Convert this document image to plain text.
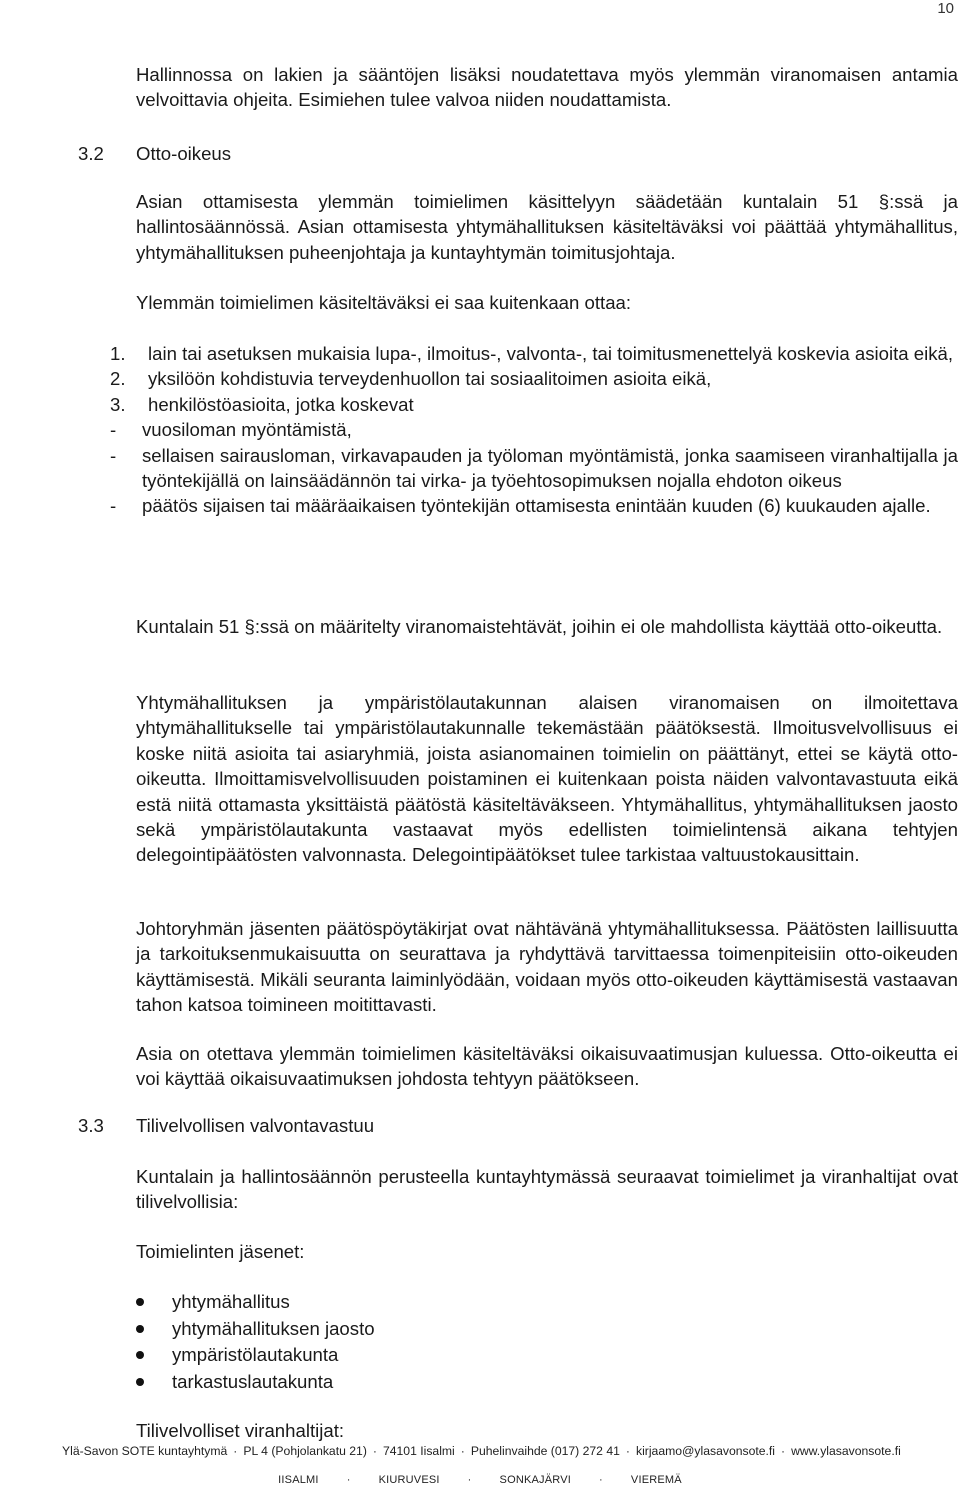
10

Hallinnossa on lakien ja sääntöjen lisäksi noudatettava myös ylemmän viranomaisen antamia velvoittavia ohjeita. Esimiehen tulee valvoa niiden noudattamista.

3.2 Otto-oikeus

Asian ottamisesta ylemmän toimielimen käsittelyyn säädetään kuntalain 51 §:ssä ja hallintosäännössä. Asian ottamisesta yhtymähallituksen käsiteltäväksi voi päättää yhtymähallitus, yhtymähallituksen puheenjohtaja ja kuntayhtymän toimitusjohtaja.

Ylemmän toimielimen käsiteltäväksi ei saa kuitenkaan ottaa:

1. lain tai asetuksen mukaisia lupa-, ilmoitus-, valvonta-, tai toimitusmenettelyä koskevia asioita eikä,
2. yksilöön kohdistuvia terveydenhuollon tai sosiaalitoimen asioita eikä,
3. henkilöstöasioita, jotka koskevat
- vuosiloman myöntämistä,
- sellaisen sairausloman, virkavapauden ja työloman myöntämistä, jonka saamiseen viranhaltijalla ja työntekijällä on lainsäädännön tai virka- ja työehtosopimuksen nojalla ehdoton oikeus
- päätös sijaisen tai määräaikaisen työntekijän ottamisesta enintään kuuden (6) kuukauden ajalle.

Kuntalain 51 §:ssä on määritelty viranomaistehtävät, joihin ei ole mahdollista käyttää otto-oikeutta.

Yhtymähallituksen ja ympäristölautakunnan alaisen viranomaisen on ilmoitettava yhtymähallitukselle tai ympäristölautakunnalle tekemästään päätöksestä. Ilmoitusvelvollisuus ei koske niitä asioita tai asiaryhmiä, joista asianomainen toimielin on päättänyt, ettei se käytä otto-oikeutta. Ilmoittamisvelvollisuuden poistaminen ei kuitenkaan poista näiden valvontavastuuta eikä estä niitä ottamasta yksittäistä päätöstä käsiteltäväkseen. Yhtymähallitus, yhtymähallituksen jaosto sekä ympäristölautakunta vastaavat myös edellisten toimielintensä aikana tehtyjen delegointipäätösten valvonnasta. Delegointipäätökset tulee tarkistaa valtuustokausittain.

Johtoryhmän jäsenten päätöspöytäkirjat ovat nähtävänä yhtymähallituksessa. Päätösten laillisuutta ja tarkoituksenmukaisuutta on seurattava ja ryhdyttävä tarvittaessa toimenpiteisiin otto-oikeuden käyttämisestä. Mikäli seuranta laiminlyödään, voidaan myös otto-oikeuden käyttämisestä vastaavan tahon katsoa toimineen moitittavasti.

Asia on otettava ylemmän toimielimen käsiteltäväksi oikaisuvaatimusjan kuluessa. Otto-oikeutta ei voi käyttää oikaisuvaatimuksen johdosta tehtyyn päätökseen.

3.3 Tilivelvollisen valvontavastuu

Kuntalain ja hallintosäännön perusteella kuntayhtymässä seuraavat toimielimet ja viranhaltijat ovat tilivelvollisia:

Toimielinten jäsenet:

yhtymähallitus
yhtymähallituksen jaosto
ympäristölautakunta
tarkastuslautakunta

Tilivelvolliset viranhaltijat:

Ylä-Savon SOTE kuntayhtymä · PL 4 (Pohjolankatu 21) · 74101 Iisalmi · Puhelinvaihde (017) 272 41 · kirjaamo@ylasavonsote.fi · www.ylasavonsote.fi
IISALMI	·	KIURUVESI	·	SONKAJÄRVI	·	VIEREMÄ
